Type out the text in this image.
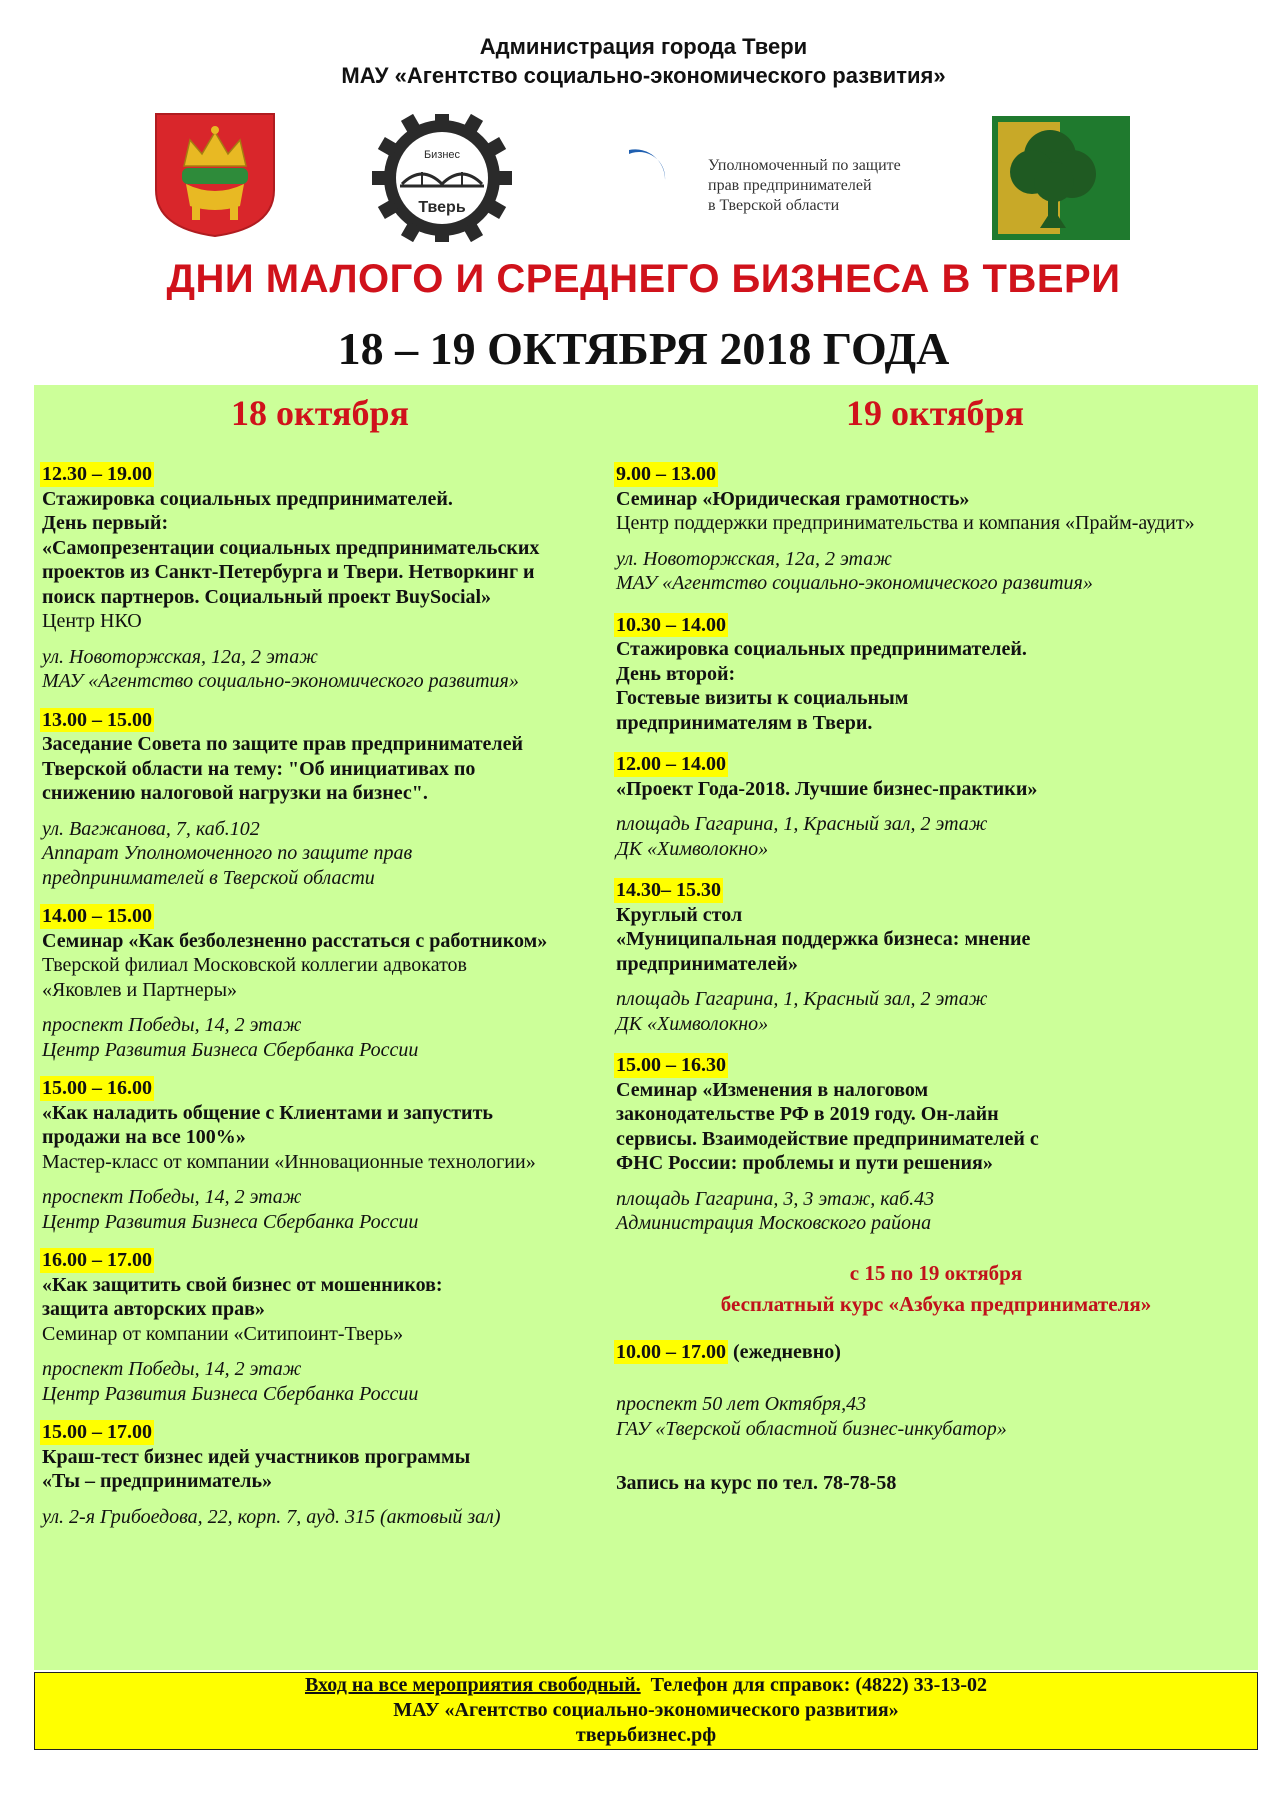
Администрация города Твери
МАУ «Агентство социально-экономического развития»
Бизнес
Тверь
Уполномоченный по защите
прав предпринимателей
в Тверской области
ДНИ МАЛОГО И СРЕДНЕГО БИЗНЕСА В ТВЕРИ
18 – 19 ОКТЯБРЯ 2018 ГОДА
18 октября	19 октября
12.30 – 19.00
Стажировка социальных предпринимателей.
День первый:
«Самопрезентации социальных предпринимательских
проектов из Санкт-Петербурга и Твери. Нетворкинг и
поиск партнеров. Социальный проект BuySocial»
Центр НКО
ул. Новоторжская, 12а, 2 этаж
МАУ «Агентство социально-экономического развития»
13.00 – 15.00
Заседание Совета по защите прав предпринимателей
Тверской области на тему: "Об инициативах по
снижению налоговой нагрузки на бизнес".
ул. Вагжанова, 7, каб.102
Аппарат Уполномоченного по защите прав
предпринимателей в Тверской области
14.00 – 15.00
Семинар «Как безболезненно расстаться с работником»
Тверской филиал Московской коллегии адвокатов
«Яковлев и Партнеры»
проспект Победы, 14, 2 этаж
Центр Развития Бизнеса Сбербанка России
15.00 – 16.00
«Как наладить общение с Клиентами и запустить
продажи на все 100%»
Мастер-класс от компании «Инновационные технологии»
проспект Победы, 14, 2 этаж
Центр Развития Бизнеса Сбербанка России
16.00 – 17.00
«Как защитить свой бизнес от мошенников:
защита авторских прав»
Семинар от компании «Ситипоинт-Тверь»
проспект Победы, 14, 2 этаж
Центр Развития Бизнеса Сбербанка России
15.00 – 17.00
Краш-тест бизнес идей участников программы
«Ты – предприниматель»
ул. 2-я Грибоедова, 22, корп. 7, ауд. 315 (актовый зал)
9.00 – 13.00
Семинар «Юридическая грамотность»
Центр поддержки предпринимательства и компания «Прайм-аудит»
ул. Новоторжская, 12а, 2 этаж
МАУ «Агентство социально-экономического развития»
10.30 – 14.00
Стажировка социальных предпринимателей.
День второй:
Гостевые визиты к социальным
предпринимателям в Твери.
12.00 – 14.00
«Проект Года-2018. Лучшие бизнес-практики»
площадь Гагарина, 1, Красный зал, 2 этаж
ДК «Химволокно»
14.30– 15.30
Круглый стол
«Муниципальная поддержка бизнеса: мнение
предпринимателей»
площадь Гагарина, 1, Красный зал, 2 этаж
ДК «Химволокно»
15.00 – 16.30
Семинар «Изменения в налоговом
законодательстве РФ в 2019 году. Он-лайн
сервисы. Взаимодействие предпринимателей с
ФНС России: проблемы и пути решения»
площадь Гагарина, 3, 3 этаж, каб.43
Администрация Московского района
с 15 по 19 октября
бесплатный курс «Азбука предпринимателя»
10.00 – 17.00 (ежедневно)
проспект 50 лет Октября,43
ГАУ «Тверской областной бизнес-инкубатор»
Запись на курс по тел. 78-78-58
Вход на все мероприятия свободный. Телефон для справок: (4822) 33-13-02
МАУ «Агентство социально-экономического развития»
тверьбизнес.рф
